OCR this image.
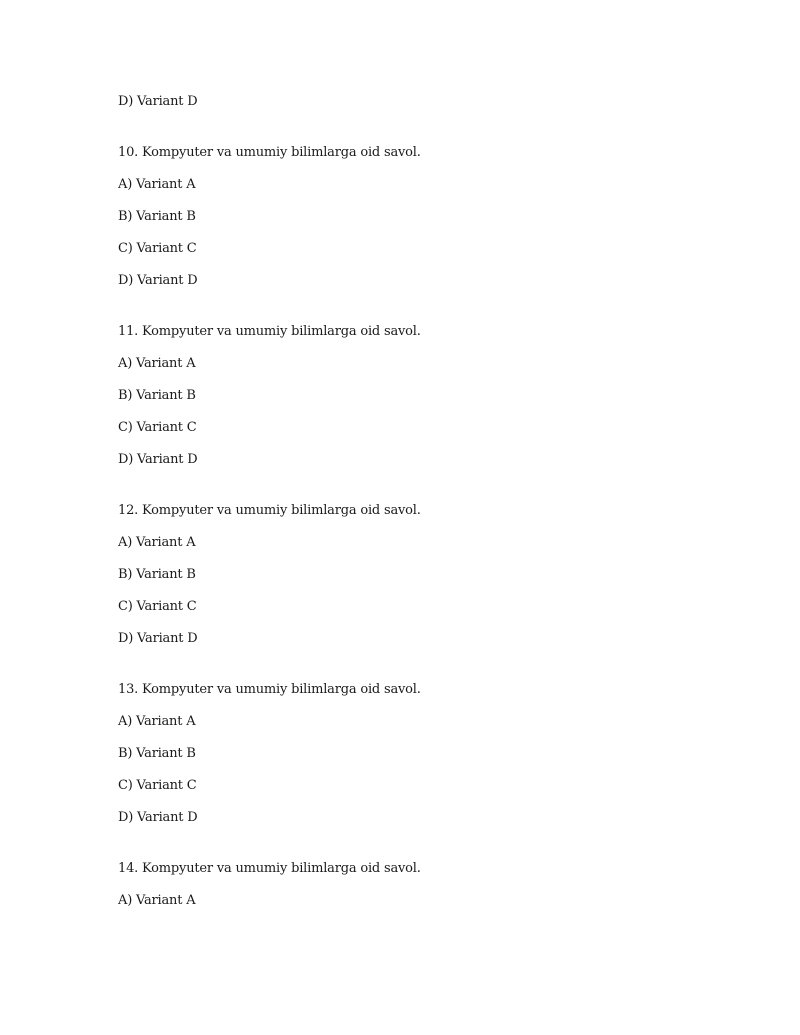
D) Variant D
10. Kompyuter va umumiy bilimlarga oid savol.
A) Variant A
B) Variant B
C) Variant C
D) Variant D
11. Kompyuter va umumiy bilimlarga oid savol.
A) Variant A
B) Variant B
C) Variant C
D) Variant D
12. Kompyuter va umumiy bilimlarga oid savol.
A) Variant A
B) Variant B
C) Variant C
D) Variant D
13. Kompyuter va umumiy bilimlarga oid savol.
A) Variant A
B) Variant B
C) Variant C
D) Variant D
14. Kompyuter va umumiy bilimlarga oid savol.
A) Variant A
